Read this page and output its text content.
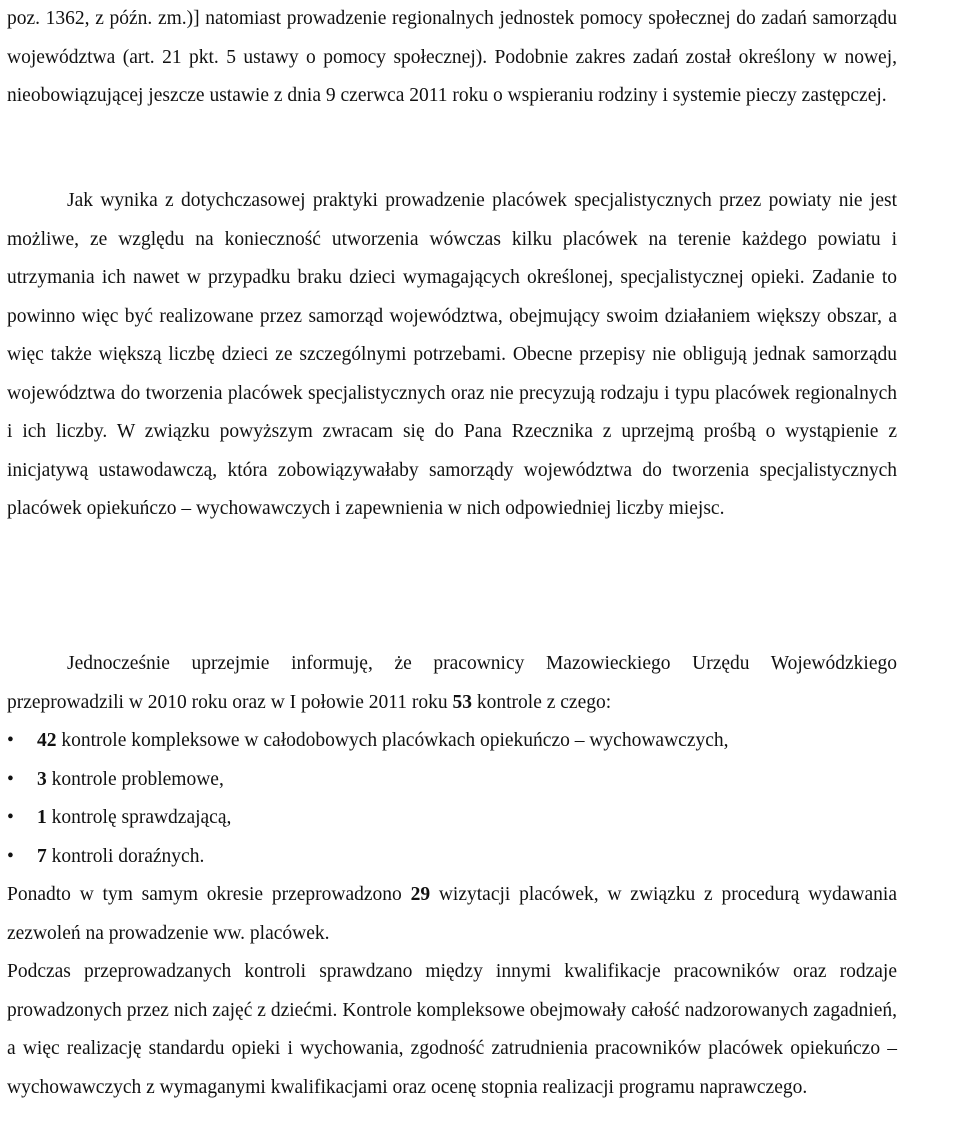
poz. 1362, z późn. zm.)] natomiast prowadzenie regionalnych jednostek pomocy społecznej do zadań samorządu województwa (art. 21 pkt. 5 ustawy o pomocy społecznej). Podobnie zakres zadań został określony w nowej, nieobowiązującej jeszcze ustawie z dnia 9 czerwca 2011 roku o wspieraniu rodziny i systemie pieczy zastępczej.

Jak wynika z dotychczasowej praktyki prowadzenie placówek specjalistycznych przez powiaty nie jest możliwe, ze względu na konieczność utworzenia wówczas kilku placówek na terenie każdego powiatu i utrzymania ich nawet w przypadku braku dzieci wymagających określonej, specjalistycznej opieki. Zadanie to powinno więc być realizowane przez samorząd województwa, obejmujący swoim działaniem większy obszar, a więc także większą liczbę dzieci ze szczególnymi potrzebami. Obecne przepisy nie obligują jednak samorządu województwa do tworzenia placówek specjalistycznych oraz nie precyzują rodzaju i typu placówek regionalnych i ich liczby. W związku powyższym zwracam się do Pana Rzecznika z uprzejmą prośbą o wystąpienie z inicjatywą ustawodawczą, która zobowiązywałaby samorządy województwa do tworzenia specjalistycznych placówek opiekuńczo – wychowawczych i zapewnienia w nich odpowiedniej liczby miejsc.

Jednocześnie uprzejmie informuję, że pracownicy Mazowieckiego Urzędu Wojewódzkiego przeprowadzili w 2010 roku oraz w I połowie 2011 roku 53 kontrole z czego:

•	42 kontrole kompleksowe w całodobowych placówkach opiekuńczo – wychowawczych,
•	3 kontrole problemowe,
•	1 kontrolę sprawdzającą,
•	7 kontroli doraźnych.

Ponadto w tym samym okresie przeprowadzono 29 wizytacji placówek, w związku z procedurą wydawania zezwoleń na prowadzenie ww. placówek.

Podczas przeprowadzanych kontroli sprawdzano między innymi kwalifikacje pracowników oraz rodzaje prowadzonych przez nich zajęć z dziećmi. Kontrole kompleksowe obejmowały całość nadzorowanych zagadnień, a więc realizację standardu opieki i wychowania, zgodność zatrudnienia pracowników placówek opiekuńczo – wychowawczych z wymaganymi kwalifikacjami oraz ocenę stopnia realizacji programu naprawczego.
